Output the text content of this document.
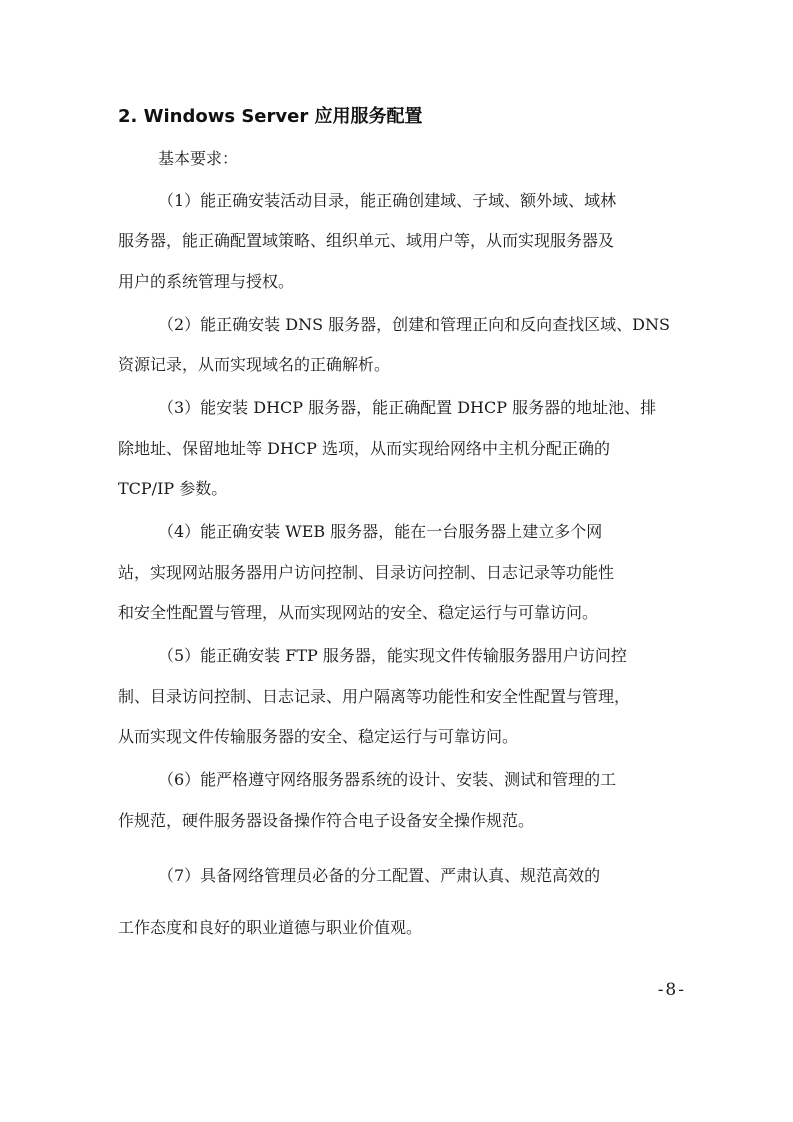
2. Windows Server 应用服务配置
基本要求：
（1）能正确安装活动目录，能正确创建域、子域、额外域、域林
服务器，能正确配置域策略、组织单元、域用户等，从而实现服务器及
用户的系统管理与授权。
（2）能正确安装 DNS 服务器，创建和管理正向和反向查找区域、DNS
资源记录，从而实现域名的正确解析。
（3）能安装 DHCP 服务器，能正确配置 DHCP 服务器的地址池、排
除地址、保留地址等 DHCP 选项，从而实现给网络中主机分配正确的
TCP/IP 参数。
（4）能正确安装 WEB 服务器，能在一台服务器上建立多个网
站，实现网站服务器用户访问控制、目录访问控制、日志记录等功能性
和安全性配置与管理，从而实现网站的安全、稳定运行与可靠访问。
（5）能正确安装 FTP 服务器，能实现文件传输服务器用户访问控
制、目录访问控制、日志记录、用户隔离等功能性和安全性配置与管理，
从而实现文件传输服务器的安全、稳定运行与可靠访问。
（6）能严格遵守网络服务器系统的设计、安装、测试和管理的工
作规范，硬件服务器设备操作符合电子设备安全操作规范。
（7）具备网络管理员必备的分工配置、严肃认真、规范高效的
工作态度和良好的职业道德与职业价值观。
-8-
